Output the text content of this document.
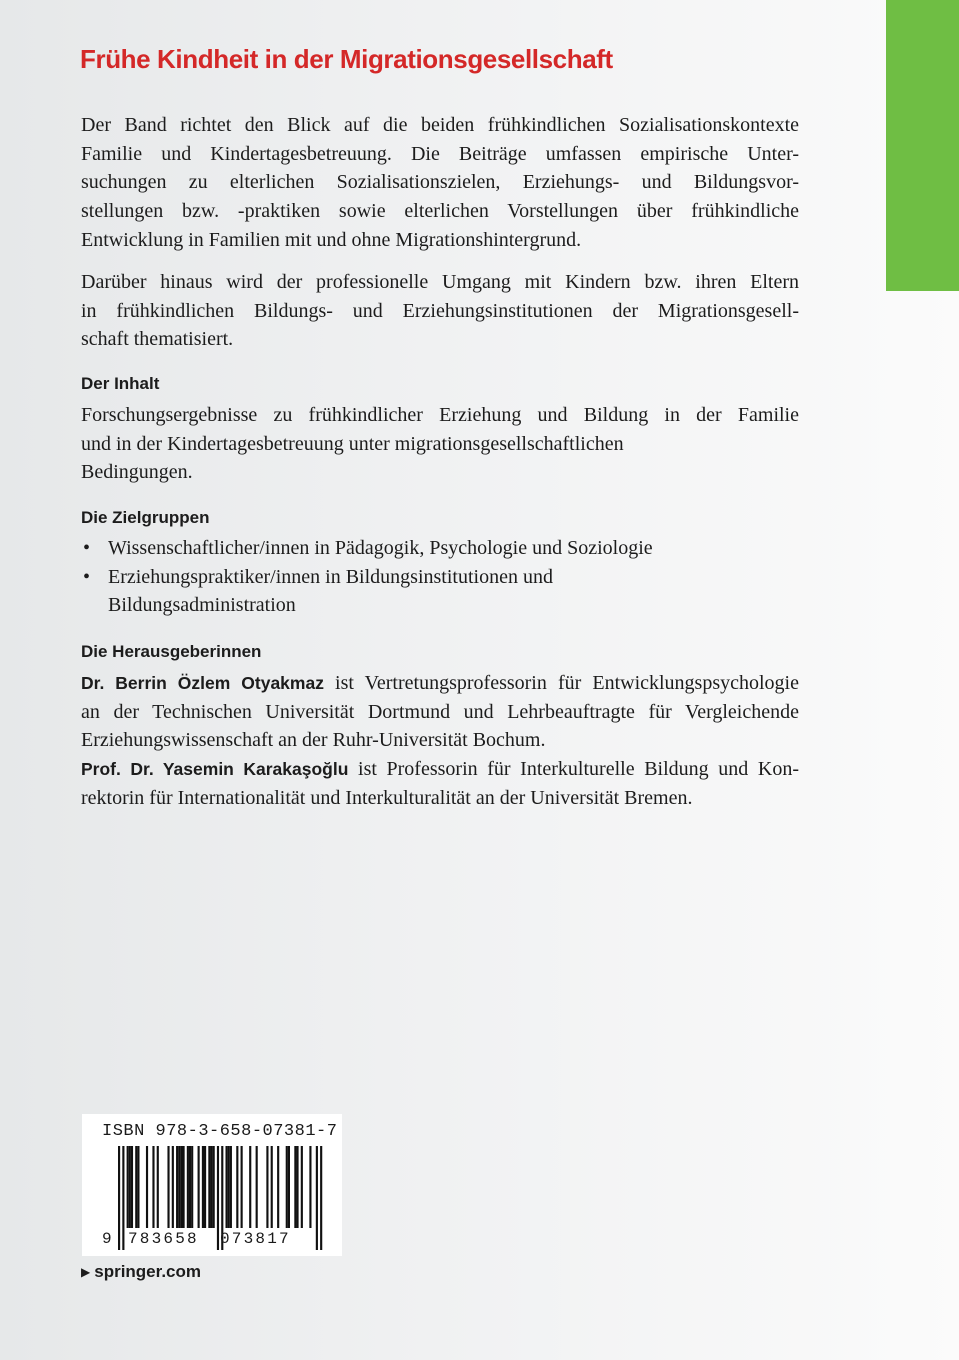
Frühe Kindheit in der Migrationsgesellschaft

Der Band richtet den Blick auf die beiden frühkindlichen Sozialisationskontexte
Familie und Kindertagesbetreuung. Die Beiträge umfassen empirische Unter-
suchungen zu elterlichen Sozialisationszielen, Erziehungs- und Bildungsvor-
stellungen bzw. -praktiken sowie elterlichen Vorstellungen über frühkindliche
Entwicklung in Familien mit und ohne Migrationshintergrund.

Darüber hinaus wird der professionelle Umgang mit Kindern bzw. ihren Eltern
in frühkindlichen Bildungs- und Erziehungsinstitutionen der Migrationsgesell-
schaft thematisiert.

Der Inhalt

Forschungsergebnisse zu frühkindlicher Erziehung und Bildung in der Familie
und in der Kindertagesbetreuung unter migrationsgesellschaftlichen
Bedingungen.

Die Zielgruppen
• Wissenschaftlicher/innen in Pädagogik, Psychologie und Soziologie
• Erziehungspraktiker/innen in Bildungsinstitutionen und
Bildungsadministration
Die Herausgeberinnen

Dr. Berrin Özlem Otyakmaz ist Vertretungsprofessorin für Entwicklungspsychologie
an der Technischen Universität Dortmund und Lehrbeauftragte für Vergleichende
Erziehungswissenschaft an der Ruhr-Universität Bochum.
Prof. Dr. Yasemin Karakaşoğlu ist Professorin für Interkulturelle Bildung und Kon-
rektorin für Internationalität und Interkulturalität an der Universität Bremen.

ISBN 978-3-658-07381-7

9 783658 073817

▶ springer.com
